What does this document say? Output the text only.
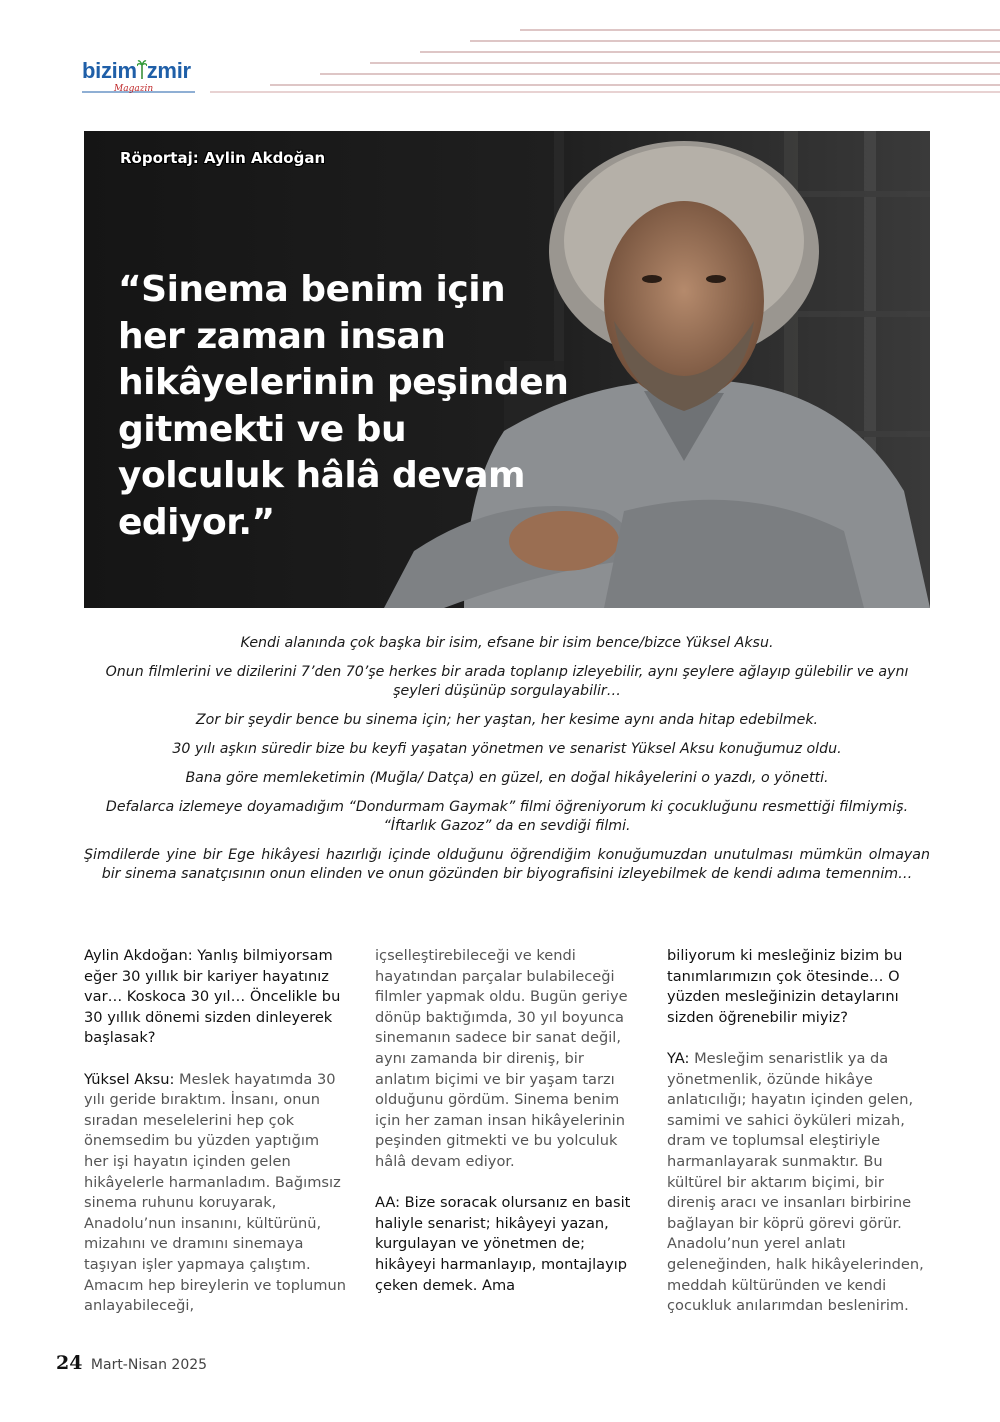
bizim zmir
Magazin
Röportaj: Aylin Akdoğan
“Sinema benim için her zaman insan hikâyelerinin peşinden gitmekti ve bu yolculuk hâlâ devam ediyor.”

Kendi alanında çok başka bir isim, efsane bir isim bence/bizce Yüksel Aksu.

Onun filmlerini ve dizilerini 7’den 70’şe herkes bir arada toplanıp izleyebilir, aynı şeylere ağlayıp gülebilir ve aynı şeyleri düşünüp sorgulayabilir…

Zor bir şeydir bence bu sinema için; her yaştan, her kesime aynı anda hitap edebilmek.

30 yılı aşkın süredir bize bu keyfi yaşatan yönetmen ve senarist Yüksel Aksu konuğumuz oldu.

Bana göre memleketimin (Muğla/ Datça) en güzel, en doğal hikâyelerini o yazdı, o yönetti.

Defalarca izlemeye doyamadığım “Dondurmam Gaymak” filmi öğreniyorum ki çocukluğunu resmettiği filmiymiş. “İftarlık Gazoz” da en sevdiği filmi.

Şimdilerde yine bir Ege hikâyesi hazırlığı içinde olduğunu öğrendiğim konuğumuzdan unutulması mümkün olmayan bir sinema sanatçısının onun elinden ve onun gözünden bir biyografisini izleyebilmek de kendi adıma temennim…

Aylin Akdoğan: Yanlış bilmiyorsam eğer 30 yıllık bir kariyer hayatınız var… Koskoca 30 yıl… Öncelikle bu 30 yıllık dönemi sizden dinleyerek başlasak?

Yüksel Aksu: Meslek hayatımda 30 yılı geride bıraktım. İnsanı, onun sıradan meselelerini hep çok önemsedim bu yüzden yaptığım her işi hayatın içinden gelen hikâyelerle harmanladım. Bağımsız sinema ruhunu koruyarak, Anadolu’nun insanını, kültürünü, mizahını ve dramını sinemaya taşıyan işler yapmaya çalıştım. Amacım hep bireylerin ve toplumun anlayabileceği,

içselleştirebileceği ve kendi hayatından parçalar bulabileceği filmler yapmak oldu. Bugün geriye dönüp baktığımda, 30 yıl boyunca sinemanın sadece bir sanat değil, aynı zamanda bir direniş, bir anlatım biçimi ve bir yaşam tarzı olduğunu gördüm. Sinema benim için her zaman insan hikâyelerinin peşinden gitmekti ve bu yolculuk hâlâ devam ediyor.

AA: Bize soracak olursanız en basit haliyle senarist; hikâyeyi yazan, kurgulayan ve yönetmen de; hikâyeyi harmanlayıp, montajlayıp çeken demek. Ama

biliyorum ki mesleğiniz bizim bu tanımlarımızın çok ötesinde… O yüzden mesleğinizin detaylarını sizden öğrenebilir miyiz?

YA: Mesleğim senaristlik ya da yönetmenlik, özünde hikâye anlatıcılığı; hayatın içinden gelen, samimi ve sahici öyküleri mizah, dram ve toplumsal eleştiriyle harmanlayarak sunmaktır. Bu kültürel bir aktarım biçimi, bir direniş aracı ve insanları birbirine bağlayan bir köprü görevi görür. Anadolu’nun yerel anlatı geleneğinden, halk hikâyelerinden, meddah kültüründen ve kendi çocukluk anılarımdan beslenirim.

24 Mart-Nisan 2025
